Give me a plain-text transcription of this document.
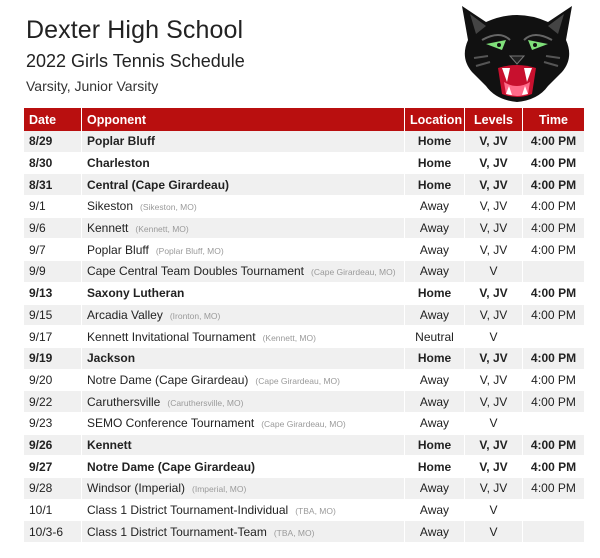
Dexter High School
2022 Girls Tennis Schedule
Varsity, Junior Varsity
Date	Opponent	Location	Levels	Time
8/29	Poplar Bluff	Home	V, JV	4:00 PM
8/30	Charleston	Home	V, JV	4:00 PM
8/31	Central (Cape Girardeau)	Home	V, JV	4:00 PM
9/1	Sikeston (Sikeston, MO)	Away	V, JV	4:00 PM
9/6	Kennett (Kennett, MO)	Away	V, JV	4:00 PM
9/7	Poplar Bluff (Poplar Bluff, MO)	Away	V, JV	4:00 PM
9/9	Cape Central Team Doubles Tournament (Cape Girardeau, MO)	Away	V	
9/13	Saxony Lutheran	Home	V, JV	4:00 PM
9/15	Arcadia Valley (Ironton, MO)	Away	V, JV	4:00 PM
9/17	Kennett Invitational Tournament (Kennett, MO)	Neutral	V	
9/19	Jackson	Home	V, JV	4:00 PM
9/20	Notre Dame (Cape Girardeau) (Cape Girardeau, MO)	Away	V, JV	4:00 PM
9/22	Caruthersville (Caruthersville, MO)	Away	V, JV	4:00 PM
9/23	SEMO Conference Tournament (Cape Girardeau, MO)	Away	V	
9/26	Kennett	Home	V, JV	4:00 PM
9/27	Notre Dame (Cape Girardeau)	Home	V, JV	4:00 PM
9/28	Windsor (Imperial) (Imperial, MO)	Away	V, JV	4:00 PM
10/1	Class 1 District Tournament-Individual (TBA, MO)	Away	V	
10/3-6	Class 1 District Tournament-Team (TBA, MO)	Away	V	
